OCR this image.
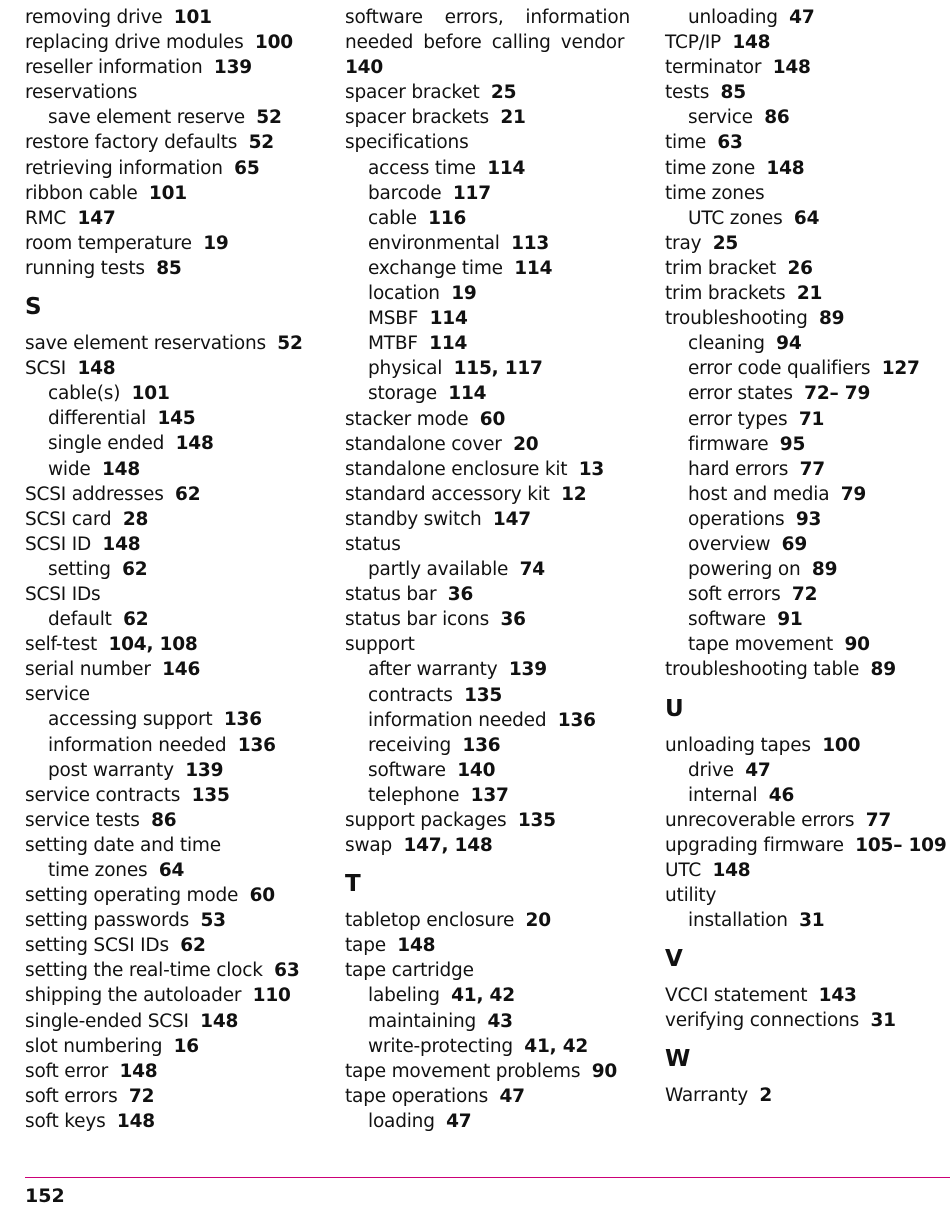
removing drive 101
replacing drive modules 100
reseller information 139
reservations
save element reserve 52
restore factory defaults 52
retrieving information 65
ribbon cable 101
RMC 147
room temperature 19
running tests 85
S
save element reservations 52
SCSI 148
cable(s) 101
differential 145
single ended 148
wide 148
SCSI addresses 62
SCSI card 28
SCSI ID 148
setting 62
SCSI IDs
default 62
self-test 104, 108
serial number 146
service
accessing support 136
information needed 136
post warranty 139
service contracts 135
service tests 86
setting date and time
time zones 64
setting operating mode 60
setting passwords 53
setting SCSI IDs 62
setting the real-time clock 63
shipping the autoloader 110
single-ended SCSI 148
slot numbering 16
soft error 148
soft errors 72
soft keys 148
software errors, information needed before calling vendor  140
spacer bracket 25
spacer brackets 21
specifications
access time 114
barcode 117
cable 116
environmental 113
exchange time 114
location 19
MSBF 114
MTBF 114
physical 115, 117
storage 114
stacker mode 60
standalone cover 20
standalone enclosure kit 13
standard accessory kit 12
standby switch 147
status
partly available 74
status bar 36
status bar icons 36
support
after warranty 139
contracts 135
information needed 136
receiving 136
software 140
telephone 137
support packages 135
swap 147, 148
T
tabletop enclosure 20
tape 148
tape cartridge
labeling 41, 42
maintaining 43
write-protecting 41, 42
tape movement problems 90
tape operations 47
loading 47
unloading 47
TCP/IP 148
terminator 148
tests 85
service 86
time 63
time zone 148
time zones
UTC zones 64
tray 25
trim bracket 26
trim brackets 21
troubleshooting 89
cleaning 94
error code qualifiers 127
error states 72– 79
error types 71
firmware 95
hard errors 77
host and media 79
operations 93
overview 69
powering on 89
soft errors 72
software 91
tape movement 90
troubleshooting table 89
U
unloading tapes 100
drive 47
internal 46
unrecoverable errors 77
upgrading firmware 105– 109
UTC 148
utility
installation 31
V
VCCI statement 143
verifying connections 31
W
Warranty 2
152
